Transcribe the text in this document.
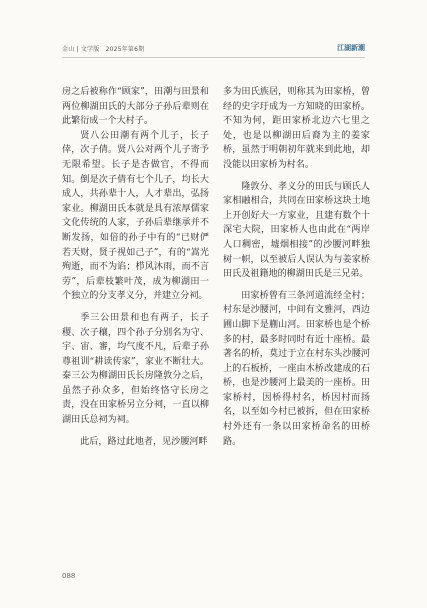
金山 | 文学版　2025年第6期	江湖新潮

房之后被称作“顾家”，田潮与田景和两位柳湖田氏的大部分子孙后辈则在此繁衍成一个大村子。

贤八公田潮有两个儿子，长子倖，次子倩。贤八公对两个儿子寄予无限希望。长子是杏做官，不得而知。倒是次子倩有七个儿子，均长大成人，共孙辈十人，人才辈出，弘扬家业。柳湖田氏本就是具有浓厚儒家文化传统的人家，子孙后辈继承并不断发扬，如倍的孙子中有的“已财俨若天财，贤子视如己子”，有的“嵩光殉逝，而不为谄；栉风沐雨，而不言劳”，后辈枝繁叶茂，成为柳湖田一个独立的分支孝义分，并建立分祠。

季三公田景和也有两子，长子稷、次子穰，四个孙子分别名为守、宇、宙、審，均气度不凡，后辈子孙尊祖训“耕读传家”，家业不断壮大。泰三公为柳湖田氏长房隆敦分之后，虽然子孙众多，但始终恪守长房之责，没在田家桥另立分祠，一直以柳湖田氏总祠为祠。

此后，路过此地者，见沙腰河畔

多为田氏族居，则称其为田家桥，曾经的史字玗成为一方知晓的田家桥。不知为何，距田家桥北边六七里之处，也是以柳湖田后裔为主的姜家桥，虽然于明朝初年就来到此地，却没能以田家桥为村名。

隆敦分、孝义分的田氏与顾氏人家相融相合，共同在田家桥这块土地上开创好大一方家业，且建有数个十深宅大院，田家桥人也由此在“两岸人口稠密，墟烟相接”的沙腰河畔独树一帜，以至被后人误认为与姜家桥田氏及祖籍地的柳湖田氏是三兄弟。

田家桥曾有三条河道流经全村；村东是沙腰河，中间有文雅河，西边圃山脚下是蒯山河。田家桥也是个桥多的村，最多时同时有近十座桥。最著名的桥，莫过于立在村东头沙腰河上的石板桥，一座由木桥改建成的石桥，也是沙腰河上最美的一座桥。田家桥村，因桥得村名，桥因村而扬名，以至如今村已被拆，但在田家桥村外还有一条以田家桥命名的田桥路。

088
